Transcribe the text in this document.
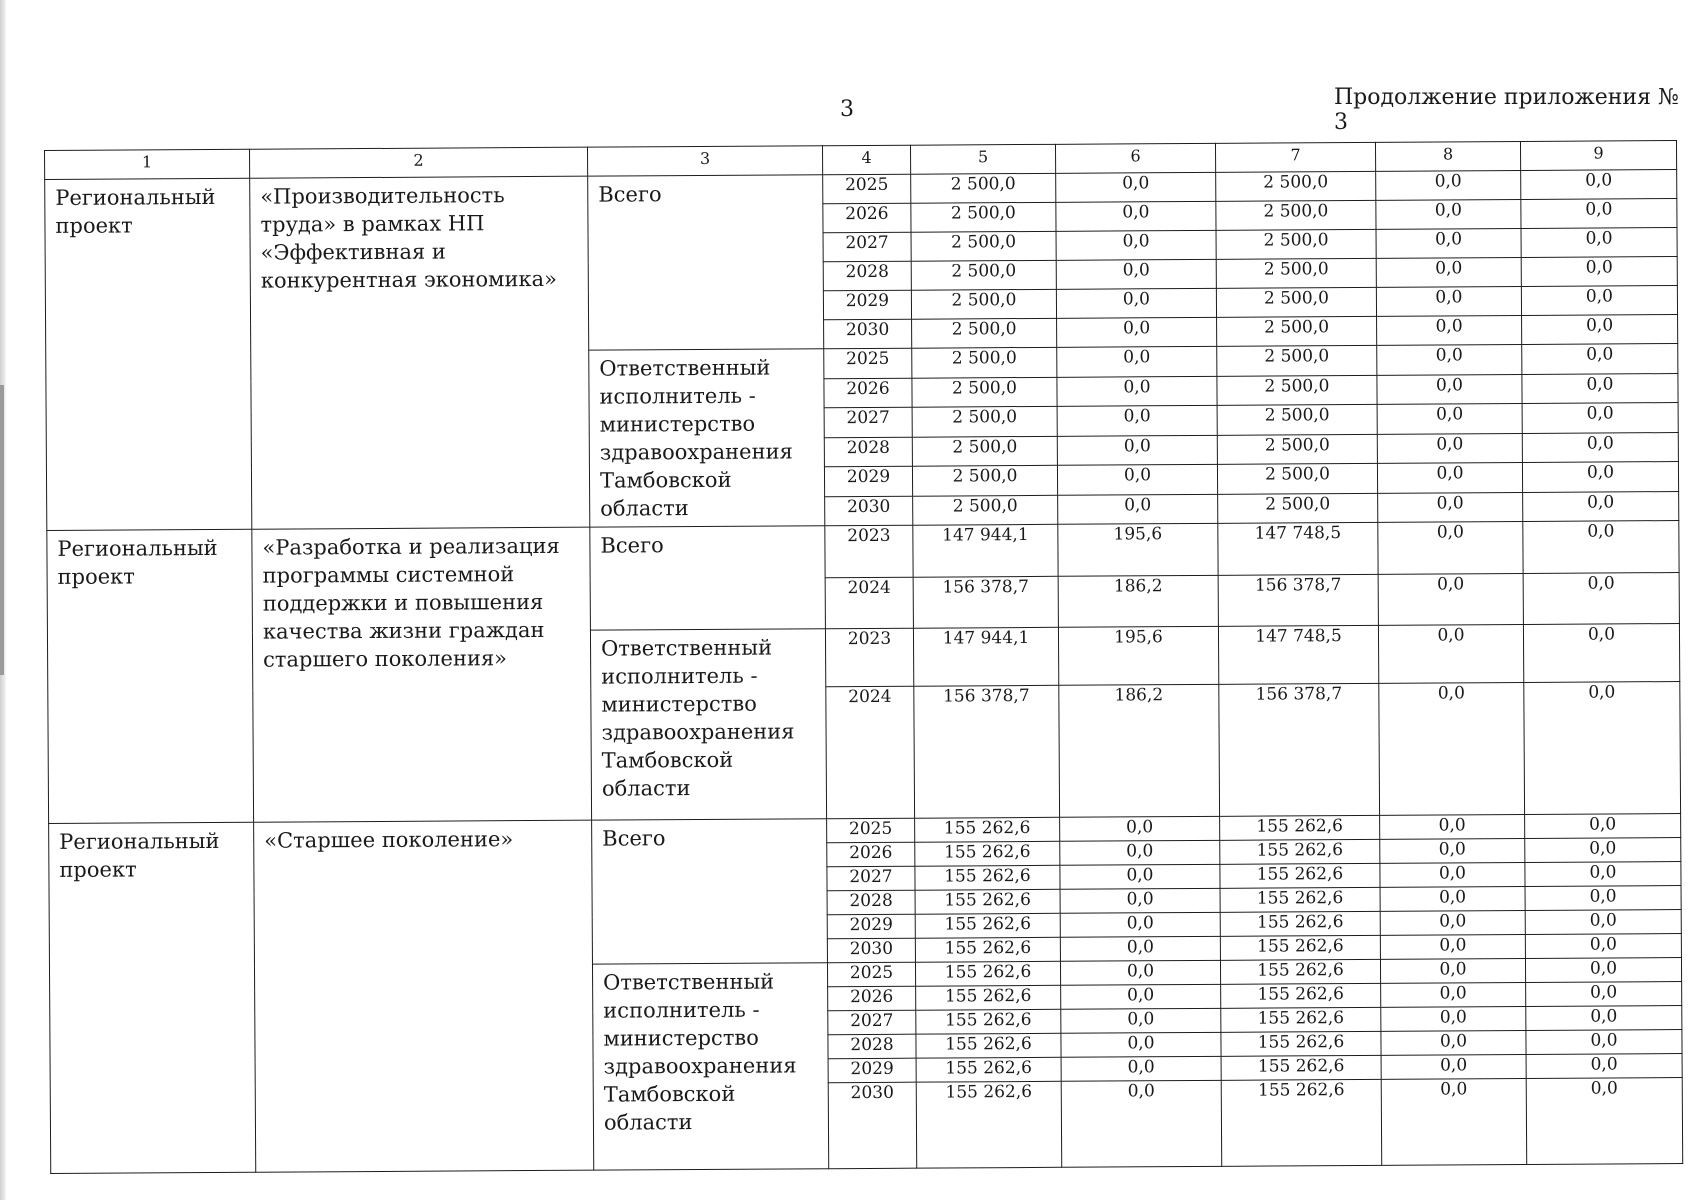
3	Продолжение приложения № 3
1	2	3	4	5	6	7	8	9
Региональный проект	«Производительность труда» в рамках НП «Эффективная и конкурентная экономика»	Всего	2025	2 500,0	0,0	2 500,0	0,0	0,0
			2026	2 500,0	0,0	2 500,0	0,0	0,0
			2027	2 500,0	0,0	2 500,0	0,0	0,0
			2028	2 500,0	0,0	2 500,0	0,0	0,0
			2029	2 500,0	0,0	2 500,0	0,0	0,0
			2030	2 500,0	0,0	2 500,0	0,0	0,0
		Ответственный исполнитель - министерство здравоохранения Тамбовской области	2025	2 500,0	0,0	2 500,0	0,0	0,0
			2026	2 500,0	0,0	2 500,0	0,0	0,0
			2027	2 500,0	0,0	2 500,0	0,0	0,0
			2028	2 500,0	0,0	2 500,0	0,0	0,0
			2029	2 500,0	0,0	2 500,0	0,0	0,0
			2030	2 500,0	0,0	2 500,0	0,0	0,0
Региональный проект	«Разработка и реализация программы системной поддержки и повышения качества жизни граждан старшего поколения»	Всего	2023	147 944,1	195,6	147 748,5	0,0	0,0
			2024	156 378,7	186,2	156 378,7	0,0	0,0
		Ответственный исполнитель - министерство здравоохранения Тамбовской области	2023	147 944,1	195,6	147 748,5	0,0	0,0
			2024	156 378,7	186,2	156 378,7	0,0	0,0
Региональный проект	«Старшее поколение»	Всего	2025	155 262,6	0,0	155 262,6	0,0	0,0
			2026	155 262,6	0,0	155 262,6	0,0	0,0
			2027	155 262,6	0,0	155 262,6	0,0	0,0
			2028	155 262,6	0,0	155 262,6	0,0	0,0
			2029	155 262,6	0,0	155 262,6	0,0	0,0
			2030	155 262,6	0,0	155 262,6	0,0	0,0
		Ответственный исполнитель - министерство здравоохранения Тамбовской области	2025	155 262,6	0,0	155 262,6	0,0	0,0
			2026	155 262,6	0,0	155 262,6	0,0	0,0
			2027	155 262,6	0,0	155 262,6	0,0	0,0
			2028	155 262,6	0,0	155 262,6	0,0	0,0
			2029	155 262,6	0,0	155 262,6	0,0	0,0
			2030	155 262,6	0,0	155 262,6	0,0	0,0
